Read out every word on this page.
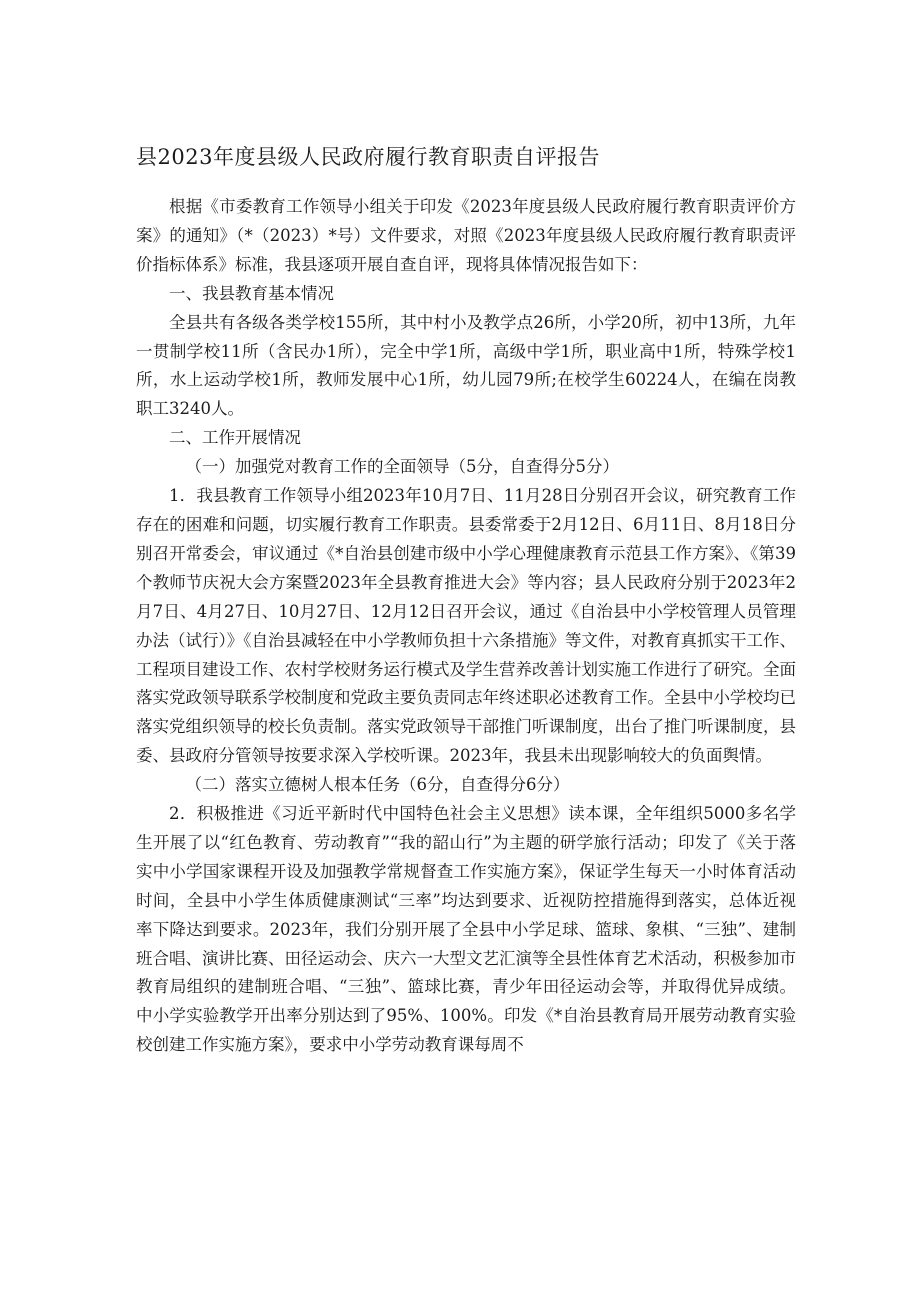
县2023年度县级人民政府履行教育职责自评报告

根据《市委教育工作领导小组关于印发《2023年度县级人民政府履行教育职责评价方案》的通知》（*（2023）*号）文件要求，对照《2023年度县级人民政府履行教育职责评价指标体系》标准，我县逐项开展自查自评，现将具体情况报告如下：

一、我县教育基本情况

全县共有各级各类学校155所，其中村小及教学点26所，小学20所，初中13所，九年一贯制学校11所（含民办1所），完全中学1所，高级中学1所，职业高中1所，特殊学校1所，水上运动学校1所，教师发展中心1所，幼儿园79所;在校学生60224人，在编在岗教职工3240人。

二、工作开展情况

（一）加强党对教育工作的全面领导（5分，自查得分5分）

1．我县教育工作领导小组2023年10月7日、11月28日分别召开会议，研究教育工作存在的困难和问题，切实履行教育工作职责。县委常委于2月12日、6月11日、8月18日分别召开常委会，审议通过《*自治县创建市级中小学心理健康教育示范县工作方案》、《第39个教师节庆祝大会方案暨2023年全县教育推进大会》等内容；县人民政府分别于2023年2月7日、4月27日、10月27日、12月12日召开会议，通过《自治县中小学校管理人员管理办法（试行）》《自治县减轻在中小学教师负担十六条措施》等文件，对教育真抓实干工作、工程项目建设工作、农村学校财务运行模式及学生营养改善计划实施工作进行了研究。全面落实党政领导联系学校制度和党政主要负责同志年终述职必述教育工作。全县中小学校均已落实党组织领导的校长负责制。落实党政领导干部推门听课制度，出台了推门听课制度，县委、县政府分管领导按要求深入学校听课。2023年，我县未出现影响较大的负面舆情。

（二）落实立德树人根本任务（6分，自查得分6分）

2．积极推进《习近平新时代中国特色社会主义思想》读本课，全年组织5000多名学生开展了以“红色教育、劳动教育”“我的韶山行”为主题的研学旅行活动；印发了《关于落实中小学国家课程开设及加强教学常规督查工作实施方案》，保证学生每天一小时体育活动时间，全县中小学生体质健康测试“三率”均达到要求、近视防控措施得到落实，总体近视率下降达到要求。2023年，我们分别开展了全县中小学足球、篮球、象棋、“三独”、建制班合唱、演讲比赛、田径运动会、庆六一大型文艺汇演等全县性体育艺术活动，积极参加市教育局组织的建制班合唱、“三独”、篮球比赛，青少年田径运动会等，并取得优异成绩。中小学实验教学开出率分别达到了95%、100%。印发《*自治县教育局开展劳动教育实验校创建工作实施方案》，要求中小学劳动教育课每周不
